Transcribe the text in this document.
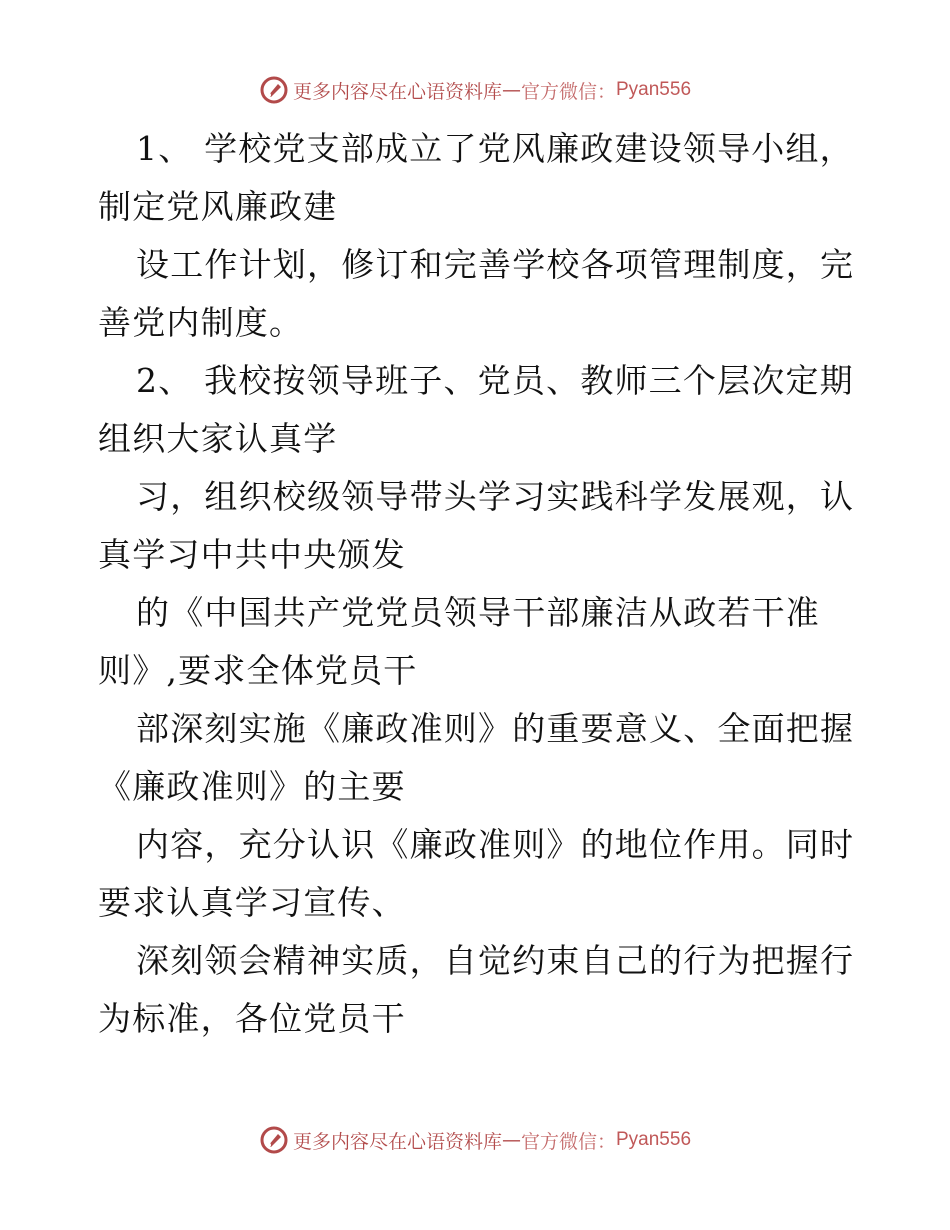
更多内容尽在心语资料库 — 官方微信： Pyan556
1、 学校党支部成立了党风廉政建设领导小组，
制定党风廉政建
设工作计划，修订和完善学校各项管理制度，完
善党内制度。
2、 我校按领导班子、党员、教师三个层次定期
组织大家认真学
习，组织校级领导带头学习实践科学发展观，认
真学习中共中央颁发
的《中国共产党党员领导干部廉洁从政若干准
则》,要求全体党员干
部深刻实施《廉政准则》的重要意义、全面把握
《廉政准则》的主要
内容，充分认识《廉政准则》的地位作用。同时
要求认真学习宣传、
深刻领会精神实质，自觉约束自己的行为把握行
为标准，各位党员干
更多内容尽在心语资料库 — 官方微信： Pyan556
